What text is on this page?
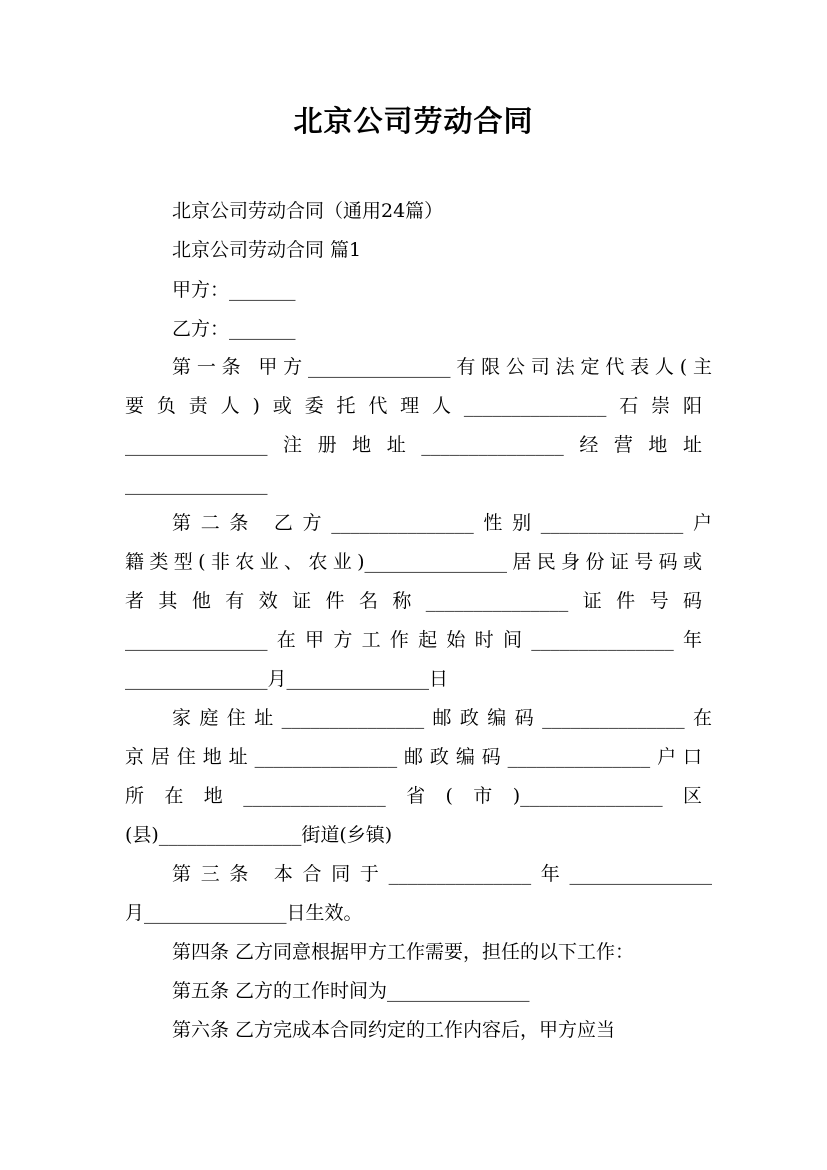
北京公司劳动合同
北京公司劳动合同（通用24篇）
北京公司劳动合同 篇1
甲方：_______
乙方：_______
第一条 甲方_______________有限公司法定代表人(主
要负责人)或委托代理人_______________石崇阳
_______________注册地址_______________经营地址
_______________
第二条 乙方_______________性别_______________户
籍类型(非农业、农业)_______________居民身份证号码或
者其他有效证件名称_______________证件号码
_______________在甲方工作起始时间_______________年
_______________月_______________日
家庭住址_______________邮政编码_______________在
京居住地址_______________邮政编码_______________户口
所在地_______________省(市)_______________区
(县)_______________街道(乡镇)
第三条 本合同于_______________年_______________
月_______________日生效。
第四条 乙方同意根据甲方工作需要，担任的以下工作：
第五条 乙方的工作时间为_______________
第六条 乙方完成本合同约定的工作内容后，甲方应当
